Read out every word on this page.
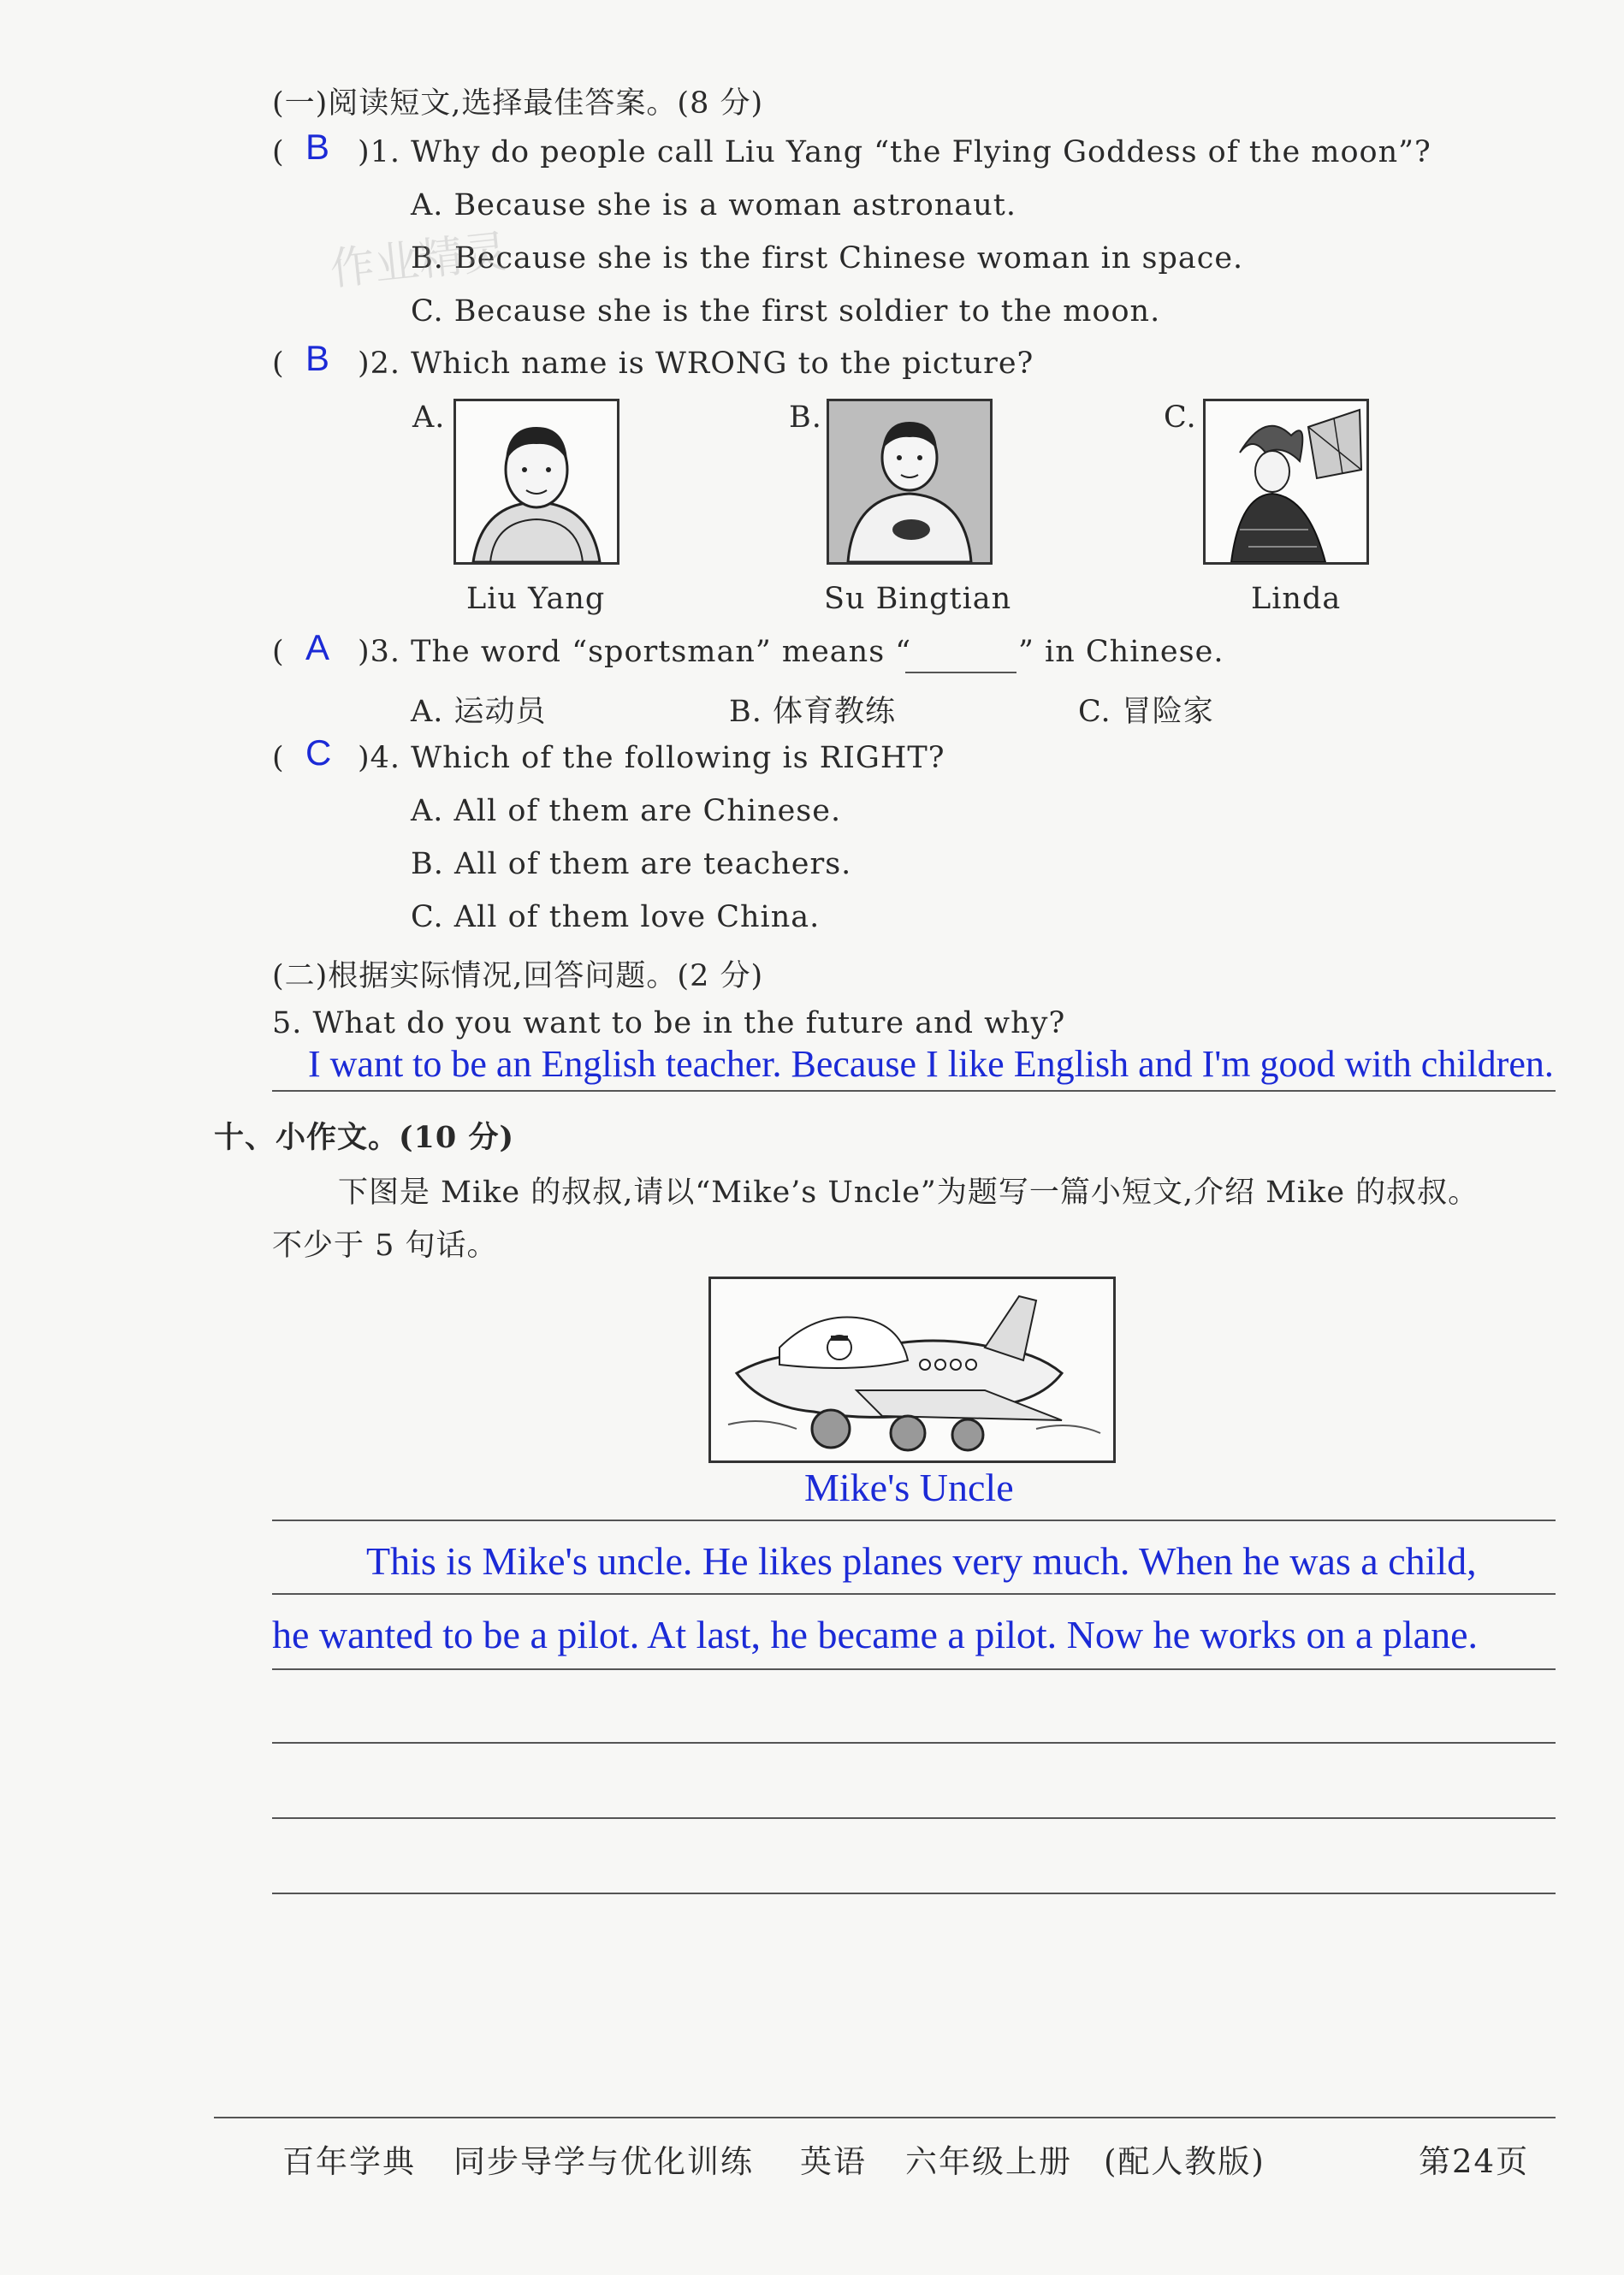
(一)阅读短文,选择最佳答案。(8 分)
( B )1. Why do people call Liu Yang “the Flying Goddess of the moon”?
A. Because she is a woman astronaut.
B. Because she is the first Chinese woman in space.
C. Because she is the first soldier to the moon.
作业精灵
( B )2. Which name is WRONG to the picture?
A.
Liu Yang
B.
Su Bingtian
C.
Linda
( A )3. The word “sportsman” means “	” in Chinese.
A. 运动员	B. 体育教练	C. 冒险家
( C )4. Which of the following is RIGHT?
A. All of them are Chinese.
B. All of them are teachers.
C. All of them love China.
(二)根据实际情况,回答问题。(2 分)
5. What do you want to be in the future and why?
I want to be an English teacher. Because I like English and I'm good with children.
十、小作文。(10 分)
下图是 Mike 的叔叔,请以“Mike’s Uncle”为题写一篇小短文,介绍 Mike 的叔叔。
不少于 5 句话。
Mike's Uncle
This is Mike's uncle. He likes planes very much. When he was a child,
he wanted to be a pilot. At last, he became a pilot. Now he works on a plane.
百年学典 同步导学与优化训练 英语 六年级上册 (配人教版)	第24页
